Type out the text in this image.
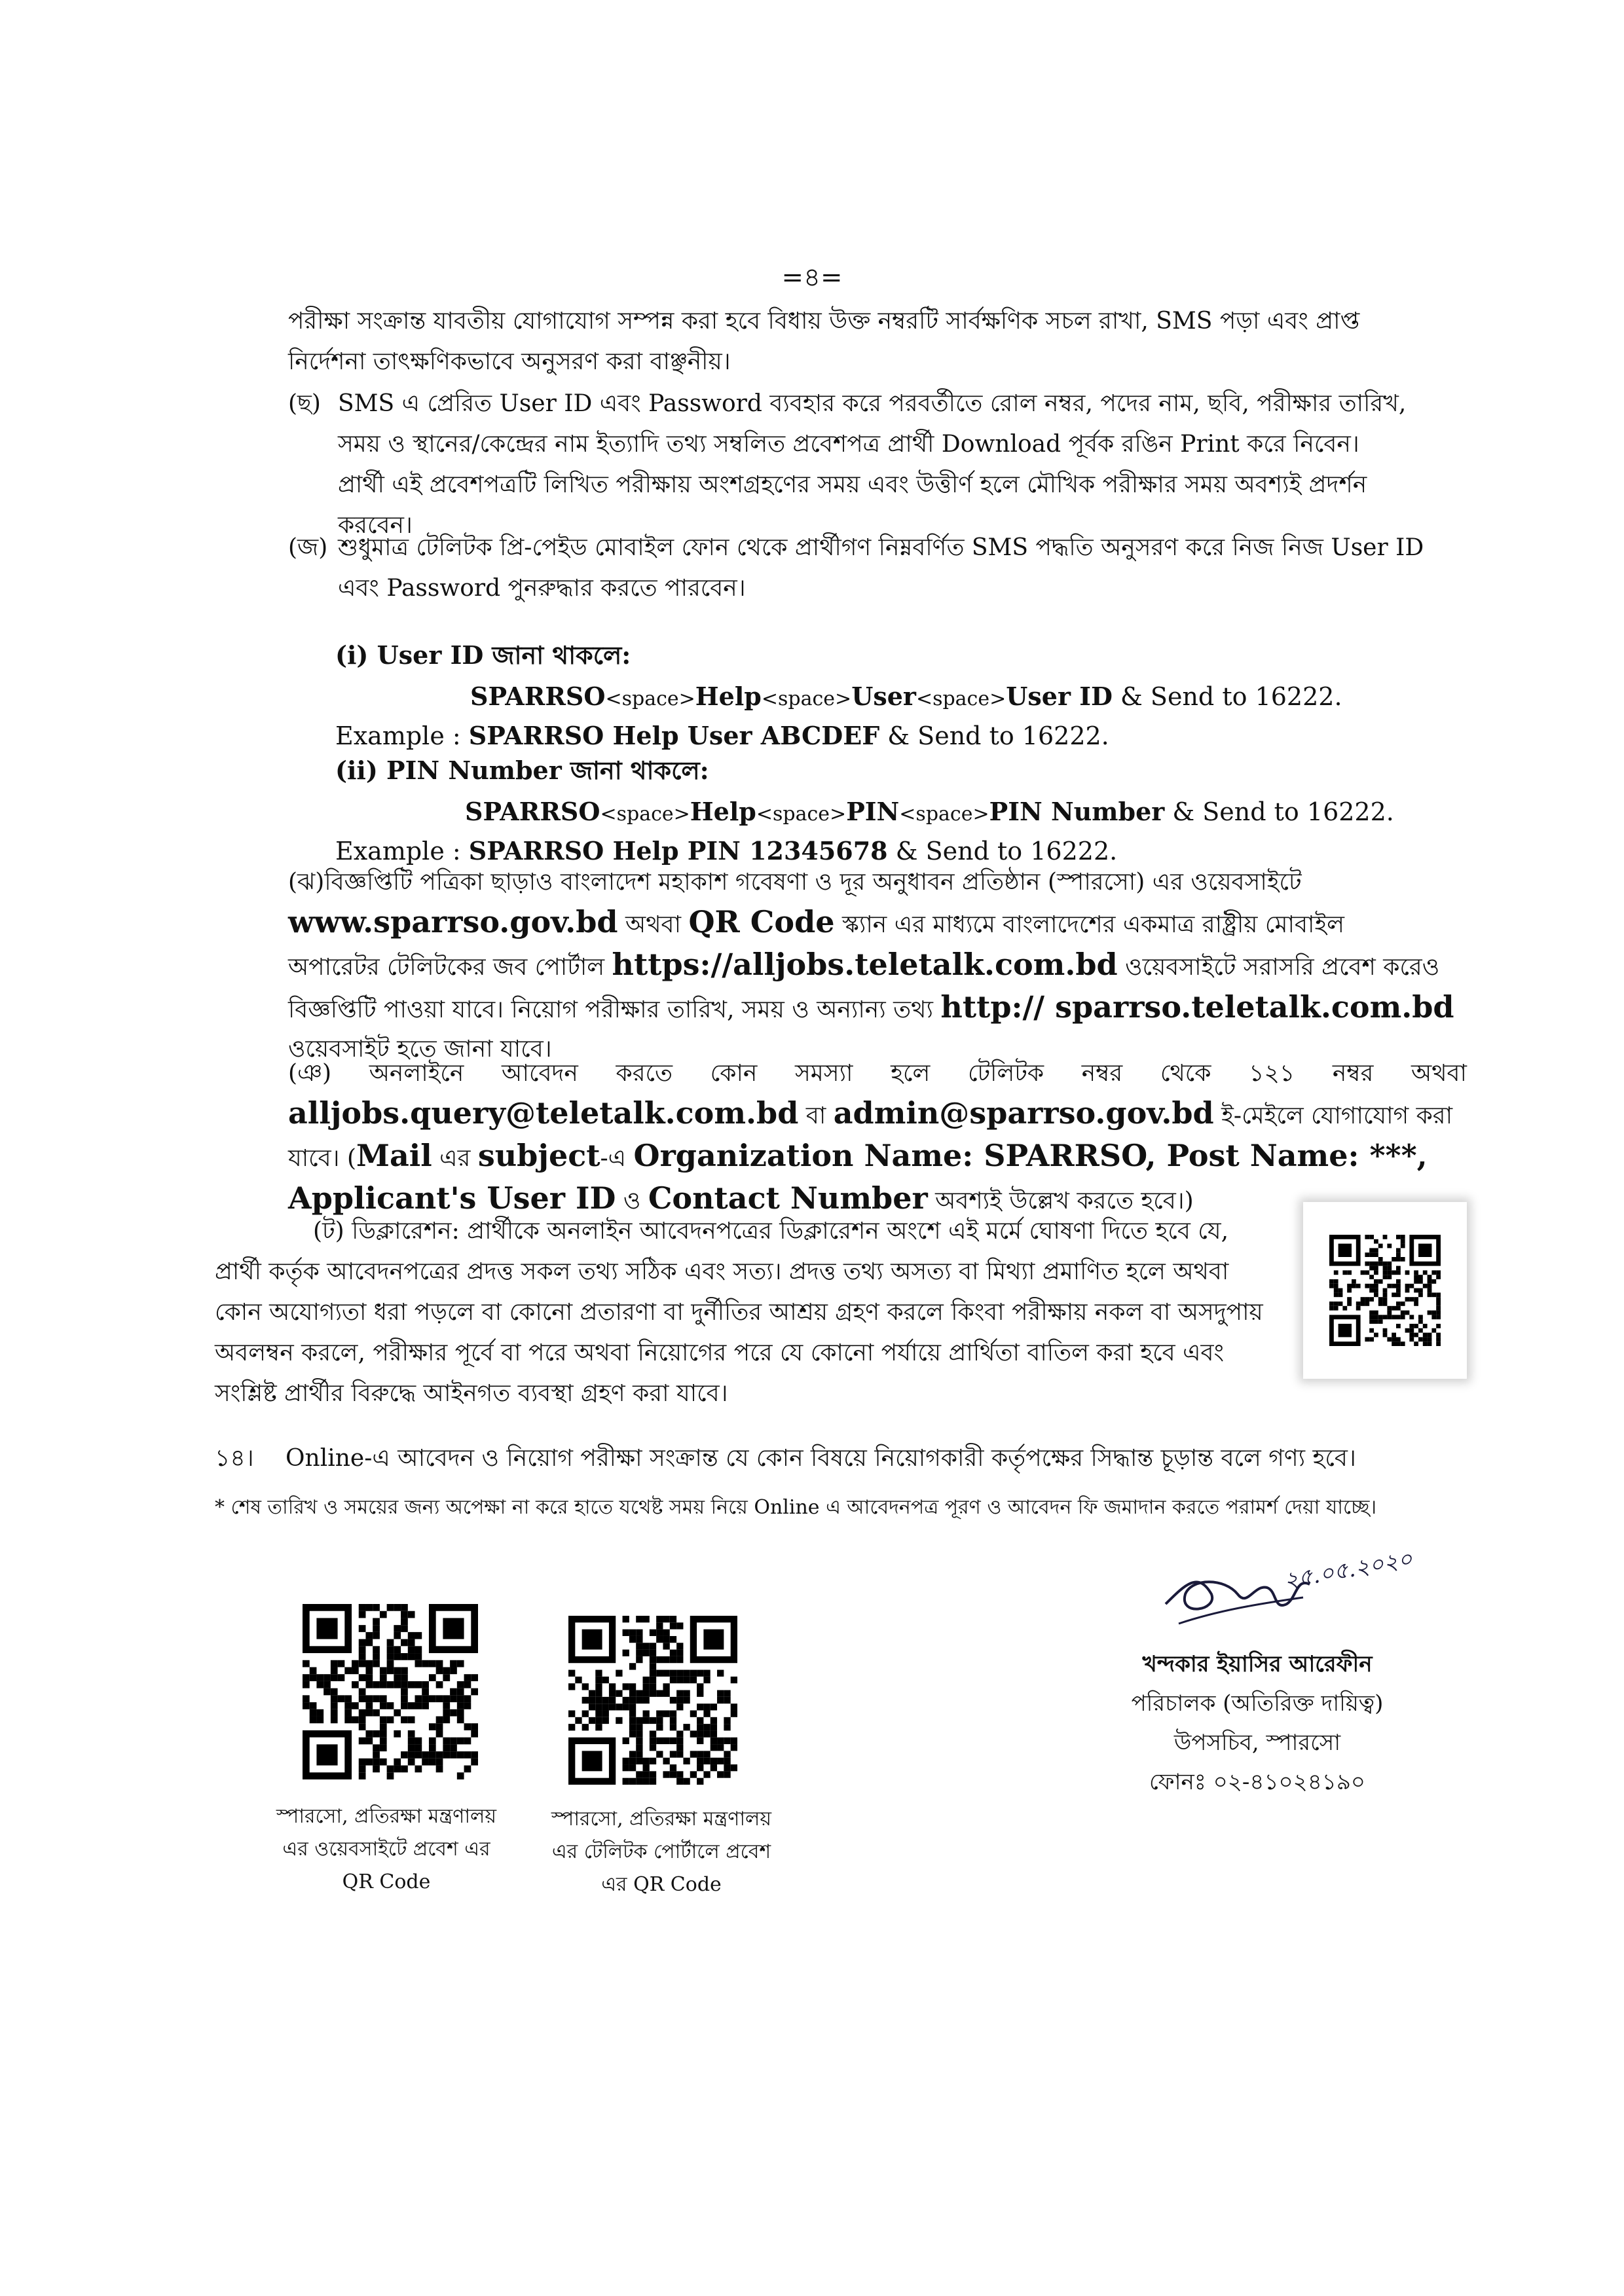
=৪=
পরীক্ষা সংক্রান্ত যাবতীয় যোগাযোগ সম্পন্ন করা হবে বিধায় উক্ত নম্বরটি সার্বক্ষণিক সচল রাখা, SMS পড়া এবং প্রাপ্ত
নির্দেশনা তাৎক্ষণিকভাবে অনুসরণ করা বাঞ্ছনীয়।
(ছ) SMS এ প্রেরিত User ID এবং Password ব্যবহার করে পরবর্তীতে রোল নম্বর, পদের নাম, ছবি, পরীক্ষার তারিখ,
সময় ও স্থানের/কেন্দ্রের নাম ইত্যাদি তথ্য সম্বলিত প্রবেশপত্র প্রার্থী Download পূর্বক রঙিন Print করে নিবেন।
প্রার্থী এই প্রবেশপত্রটি লিখিত পরীক্ষায় অংশগ্রহণের সময় এবং উত্তীর্ণ হলে মৌখিক পরীক্ষার সময় অবশ্যই প্রদর্শন
করবেন।
(জ) শুধুমাত্র টেলিটক প্রি-পেইড মোবাইল ফোন থেকে প্রার্থীগণ নিম্নবর্ণিত SMS পদ্ধতি অনুসরণ করে নিজ নিজ User ID
এবং Password পুনরুদ্ধার করতে পারবেন।
(i) User ID জানা থাকলে:
SPARRSO<space>Help<space>User<space>User ID & Send to 16222.
Example : SPARRSO Help User ABCDEF & Send to 16222.
(ii) PIN Number জানা থাকলে:
SPARRSO<space>Help<space>PIN<space>PIN Number & Send to 16222.
Example : SPARRSO Help PIN 12345678 & Send to 16222.
(ঝ)বিজ্ঞপ্তিটি পত্রিকা ছাড়াও বাংলাদেশ মহাকাশ গবেষণা ও দূর অনুধাবন প্রতিষ্ঠান (স্পারসো) এর ওয়েবসাইটে
www.sparrso.gov.bd অথবা QR Code স্ক্যান এর মাধ্যমে বাংলাদেশের একমাত্র রাষ্ট্রীয় মোবাইল
অপারেটর টেলিটকের জব পোর্টাল https://alljobs.teletalk.com.bd ওয়েবসাইটে সরাসরি প্রবেশ করেও
বিজ্ঞপ্তিটি পাওয়া যাবে। নিয়োগ পরীক্ষার তারিখ, সময় ও অন্যান্য তথ্য http:// sparrso.teletalk.com.bd
ওয়েবসাইট হতে জানা যাবে।
(ঞ) অনলাইনে আবেদন করতে কোন সমস্যা হলে টেলিটক নম্বর থেকে ১২১ নম্বর অথবা
alljobs.query@teletalk.com.bd বা admin@sparrso.gov.bd ই-মেইলে যোগাযোগ করা
যাবে। (Mail এর subject-এ Organization Name: SPARRSO, Post Name: ***,
Applicant's User ID ও Contact Number অবশ্যই উল্লেখ করতে হবে।)
(ট) ডিক্লারেশন: প্রার্থীকে অনলাইন আবেদনপত্রের ডিক্লারেশন অংশে এই মর্মে ঘোষণা দিতে হবে যে,
প্রার্থী কর্তৃক আবেদনপত্রের প্রদত্ত সকল তথ্য সঠিক এবং সত্য। প্রদত্ত তথ্য অসত্য বা মিথ্যা প্রমাণিত হলে অথবা
কোন অযোগ্যতা ধরা পড়লে বা কোনো প্রতারণা বা দুর্নীতির আশ্রয় গ্রহণ করলে কিংবা পরীক্ষায় নকল বা অসদুপায়
অবলম্বন করলে, পরীক্ষার পূর্বে বা পরে অথবা নিয়োগের পরে যে কোনো পর্যায়ে প্রার্থিতা বাতিল করা হবে এবং
সংশ্লিষ্ট প্রার্থীর বিরুদ্ধে আইনগত ব্যবস্থা গ্রহণ করা যাবে।
১৪। Online-এ আবেদন ও নিয়োগ পরীক্ষা সংক্রান্ত যে কোন বিষয়ে নিয়োগকারী কর্তৃপক্ষের সিদ্ধান্ত চূড়ান্ত বলে গণ্য হবে।
* শেষ তারিখ ও সময়ের জন্য অপেক্ষা না করে হাতে যথেষ্ট সময় নিয়ে Online এ আবেদনপত্র পূরণ ও আবেদন ফি জমাদান করতে পরামর্শ দেয়া যাচ্ছে।
স্পারসো, প্রতিরক্ষা মন্ত্রণালয়
এর ওয়েবসাইটে প্রবেশ এর
QR Code
স্পারসো, প্রতিরক্ষা মন্ত্রণালয়
এর টেলিটক পোর্টালে প্রবেশ
এর QR Code
২৫.০৫.২০২০
খন্দকার ইয়াসির আরেফীন
পরিচালক (অতিরিক্ত দায়িত্ব)
উপসচিব, স্পারসো
ফোনঃ ০২-৪১০২৪১৯০
